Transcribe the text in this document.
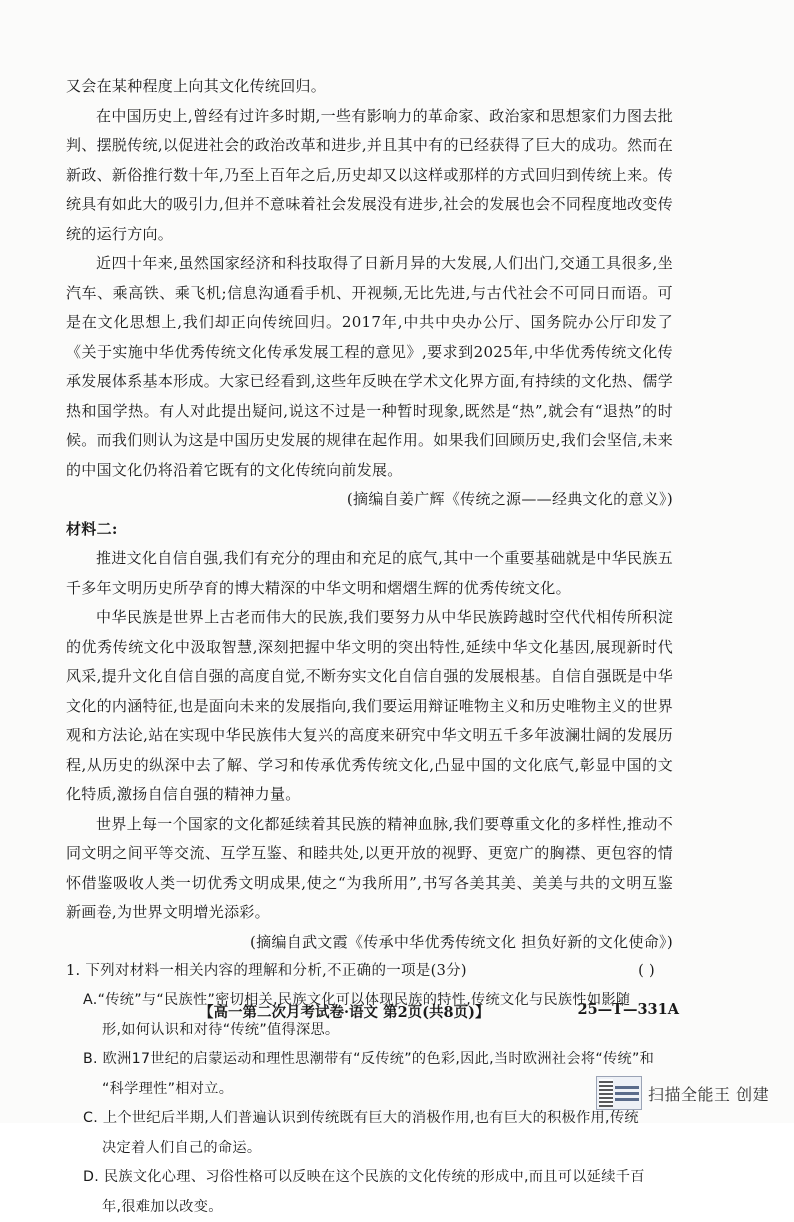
又会在某种程度上向其文化传统回归。

在中国历史上,曾经有过许多时期,一些有影响力的革命家、政治家和思想家们力图去批判、摆脱传统,以促进社会的政治改革和进步,并且其中有的已经获得了巨大的成功。然而在新政、新俗推行数十年,乃至上百年之后,历史却又以这样或那样的方式回归到传统上来。传统具有如此大的吸引力,但并不意味着社会发展没有进步,社会的发展也会不同程度地改变传统的运行方向。

近四十年来,虽然国家经济和科技取得了日新月异的大发展,人们出门,交通工具很多,坐汽车、乘高铁、乘飞机;信息沟通看手机、开视频,无比先进,与古代社会不可同日而语。可是在文化思想上,我们却正向传统回归。2017年,中共中央办公厅、国务院办公厅印发了《关于实施中华优秀传统文化传承发展工程的意见》,要求到2025年,中华优秀传统文化传承发展体系基本形成。大家已经看到,这些年反映在学术文化界方面,有持续的文化热、儒学热和国学热。有人对此提出疑问,说这不过是一种暂时现象,既然是“热”,就会有“退热”的时候。而我们则认为这是中国历史发展的规律在起作用。如果我们回顾历史,我们会坚信,未来的中国文化仍将沿着它既有的文化传统向前发展。

(摘编自姜广辉《传统之源——经典文化的意义》)

材料二:

推进文化自信自强,我们有充分的理由和充足的底气,其中一个重要基础就是中华民族五千多年文明历史所孕育的博大精深的中华文明和熠熠生辉的优秀传统文化。

中华民族是世界上古老而伟大的民族,我们要努力从中华民族跨越时空代代相传所积淀的优秀传统文化中汲取智慧,深刻把握中华文明的突出特性,延续中华文化基因,展现新时代风采,提升文化自信自强的高度自觉,不断夯实文化自信自强的发展根基。自信自强既是中华文化的内涵特征,也是面向未来的发展指向,我们要运用辩证唯物主义和历史唯物主义的世界观和方法论,站在实现中华民族伟大复兴的高度来研究中华文明五千多年波澜壮阔的发展历程,从历史的纵深中去了解、学习和传承优秀传统文化,凸显中国的文化底气,彰显中国的文化特质,激扬自信自强的精神力量。

世界上每一个国家的文化都延续着其民族的精神血脉,我们要尊重文化的多样性,推动不同文明之间平等交流、互学互鉴、和睦共处,以更开放的视野、更宽广的胸襟、更包容的情怀借鉴吸收人类一切优秀文明成果,使之“为我所用”,书写各美其美、美美与共的文明互鉴新画卷,为世界文明增光添彩。

(摘编自武文霞《传承中华优秀传统文化 担负好新的文化使命》)

1. 下列对材料一相关内容的理解和分析,不正确的一项是(3分)	( )

A.“传统”与“民族性”密切相关,民族文化可以体现民族的特性,传统文化与民族性如影随
形,如何认识和对待“传统”值得深思。

B. 欧洲17世纪的启蒙运动和理性思潮带有“反传统”的色彩,因此,当时欧洲社会将“传统”和
“科学理性”相对立。

C. 上个世纪后半期,人们普遍认识到传统既有巨大的消极作用,也有巨大的积极作用,传统
决定着人们自己的命运。

D. 民族文化心理、习俗性格可以反映在这个民族的文化传统的形成中,而且可以延续千百
年,很难加以改变。

【高一第二次月考试卷·语文 第2页(共8页)】	25—T—331A
扫描全能王 创建
